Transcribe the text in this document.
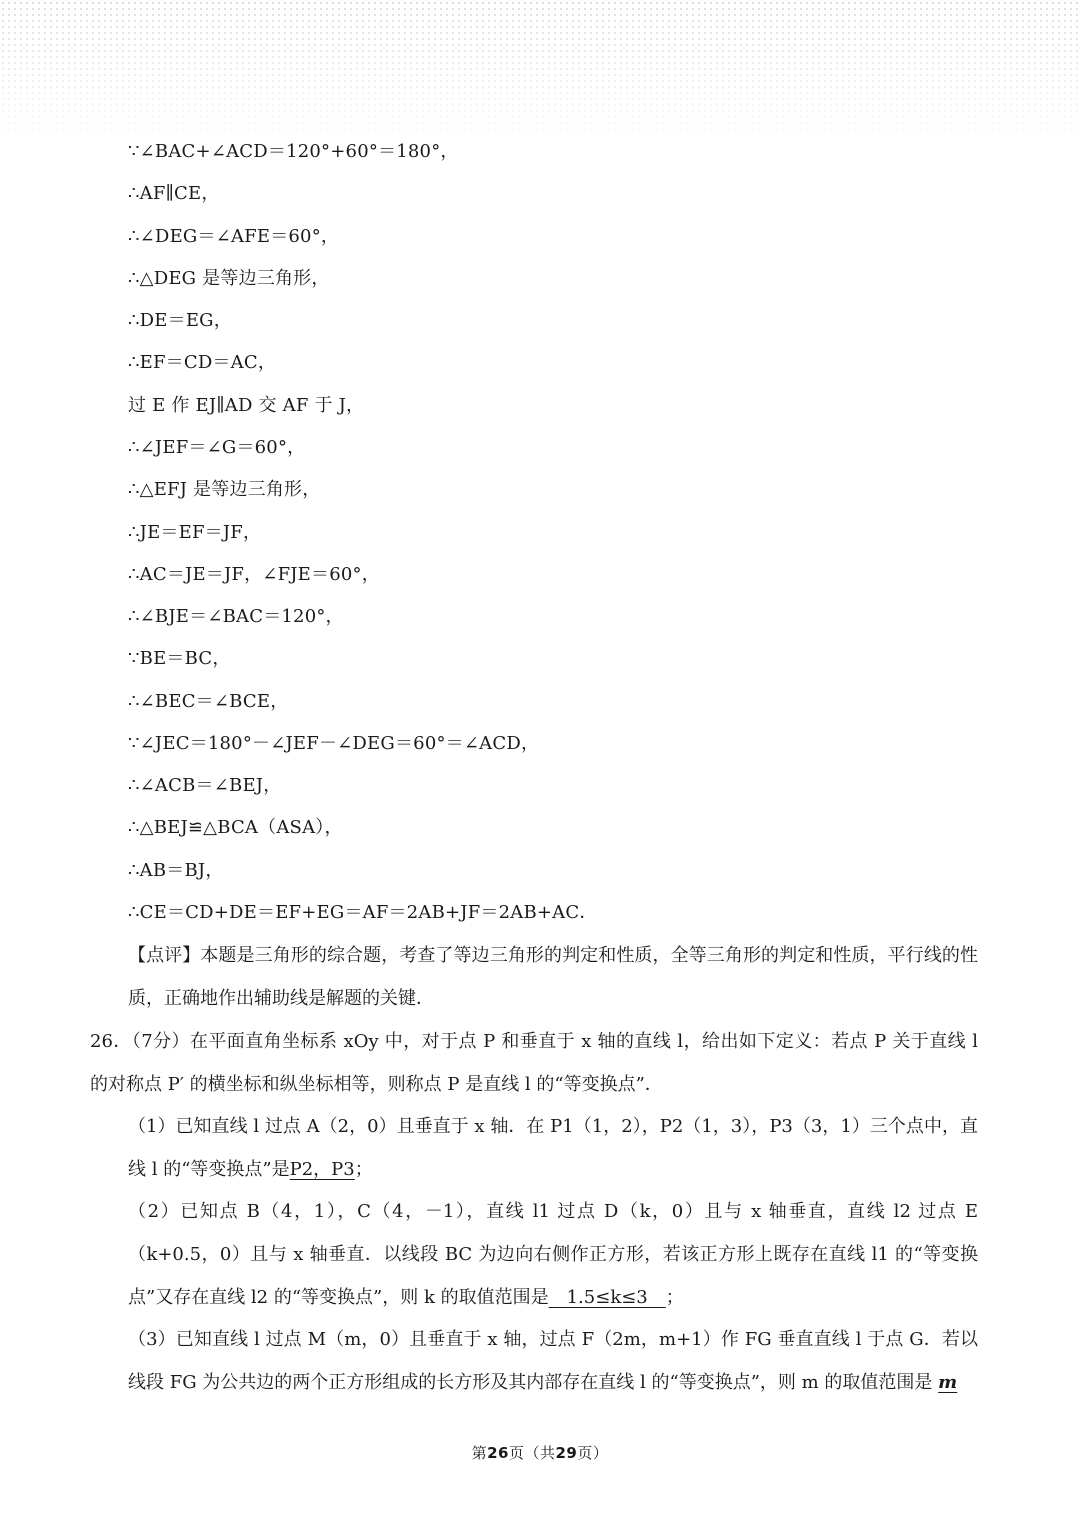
∵∠BAC+∠ACD＝120°+60°＝180°，
∴AF∥CE，
∴∠DEG＝∠AFE＝60°，
∴△DEG 是等边三角形，
∴DE＝EG，
∴EF＝CD＝AC，
过 E 作 EJ∥AD 交 AF 于 J，
∴∠JEF＝∠G＝60°，
∴△EFJ 是等边三角形，
∴JE＝EF＝JF，
∴AC＝JE＝JF，∠FJE＝60°，
∴∠BJE＝∠BAC＝120°，
∵BE＝BC，
∴∠BEC＝∠BCE，
∵∠JEC＝180°－∠JEF－∠DEG＝60°＝∠ACD，
∴∠ACB＝∠BEJ，
∴△BEJ≌△BCA（ASA），
∴AB＝BJ，
∴CE＝CD+DE＝EF+EG＝AF＝2AB+JF＝2AB+AC．
【点评】本题是三角形的综合题，考查了等边三角形的判定和性质，全等三角形的判定和性质，平行线的性质，正确地作出辅助线是解题的关键．
26．（7分）在平面直角坐标系 xOy 中，对于点 P 和垂直于 x 轴的直线 l，给出如下定义：若点 P 关于直线 l 的对称点 P′ 的横坐标和纵坐标相等，则称点 P 是直线 l 的“等变换点”．
（1）已知直线 l 过点 A（2，0）且垂直于 x 轴．在 P1（1，2），P2（1，3），P3（3，1）三个点中，直线 l 的“等变换点”是P2，P3；
（2）已知点 B（4，1），C（4，－1），直线 l1 过点 D（k，0）且与 x 轴垂直，直线 l2 过点 E（k+0.5，0）且与 x 轴垂直．以线段 BC 为边向右侧作正方形，若该正方形上既存在直线 l1 的“等变换点”又存在直线 l2 的“等变换点”，则 k 的取值范围是　1.5≤k≤3　；
（3）已知直线 l 过点 M（m，0）且垂直于 x 轴，过点 F（2m，m+1）作 FG 垂直直线 l 于点 G．若以线段 FG 为公共边的两个正方形组成的长方形及其内部存在直线 l 的“等变换点”，则 m 的取值范围是 m
第26页（共29页）
